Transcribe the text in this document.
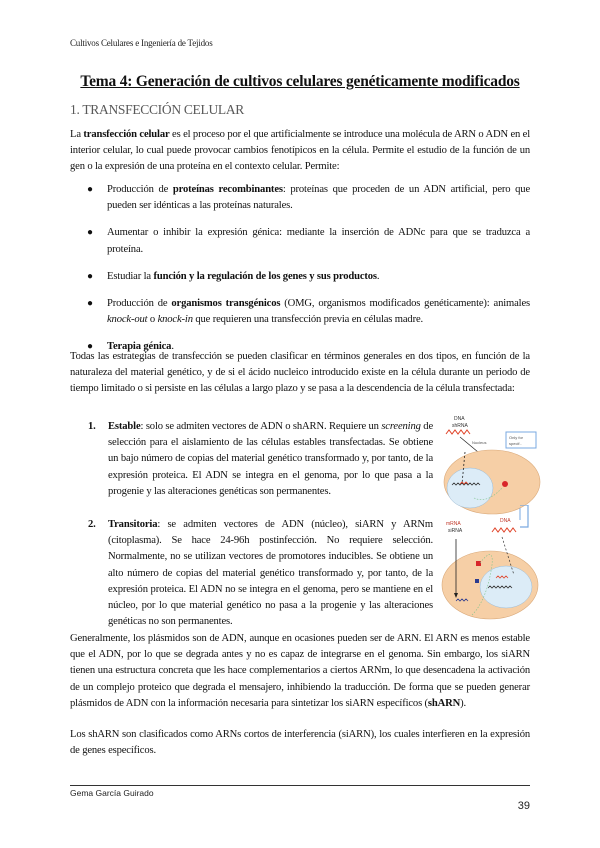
Cultivos Celulares e Ingeniería de Tejidos
Tema 4: Generación de cultivos celulares genéticamente modificados
1. TRANSFECCIÓN CELULAR
La transfección celular es el proceso por el que artificialmente se introduce una molécula de ARN o ADN en el interior celular, lo cual puede provocar cambios fenotípicos en la célula. Permite el estudio de la función de un gen o la expresión de una proteína en el contexto celular. Permite:
● Producción de proteínas recombinantes: proteínas que proceden de un ADN artificial, pero que pueden ser idénticas a las proteínas naturales.
● Aumentar o inhibir la expresión génica: mediante la inserción de ADNc para que se traduzca a proteína.
● Estudiar la función y la regulación de los genes y sus productos.
● Producción de organismos transgénicos (OMG, organismos modificados genéticamente): animales knock-out o knock-in que requieren una transfección previa en células madre.
● Terapia génica.
Todas las estrategias de transfección se pueden clasificar en términos generales en dos tipos, en función de la naturaleza del material genético, y de si el ácido nucleico introducido existe en la célula durante un periodo de tiempo limitado o si persiste en las células a largo plazo y se pasa a la descendencia de la célula transfectada:
1. Estable: solo se admiten vectores de ADN o shARN. Requiere un screening de selección para el aislamiento de las células estables transfectadas. Se obtiene un bajo número de copias del material genético transformado y, por tanto, de la expresión proteica. El ADN se integra en el genoma, por lo que pasa a la progenie y las alteraciones genéticas son permanentes.
2. Transitoria: se admiten vectores de ADN (núcleo), siARN y ARNm (citoplasma). Se hace 24-96h postinfección. No requiere selección. Normalmente, no se utilizan vectores de promotores inducibles. Se obtiene un alto número de copias del material genético transformado y, por tanto, de la expresión proteica. El ADN no se integra en el genoma, pero se mantiene en el núcleo, por lo que material genético no pasa a la progenie y las alteraciones genéticas no son permanentes.
DNA
shRNA
Nucleus
Only for
specif..
mRNA
siRNA
DNA
Generalmente, los plásmidos son de ADN, aunque en ocasiones pueden ser de ARN. El ARN es menos estable que el ADN, por lo que se degrada antes y no es capaz de integrarse en el genoma. Sin embargo, los siARN tienen una estructura concreta que les hace complementarios a ciertos ARNm, lo que desencadena la activación de un complejo proteico que degrada el mensajero, inhibiendo la traducción. De forma que se pueden generar plásmidos de ADN con la información necesaria para sintetizar los siARN específicos (shARN).
Los shARN son clasificados como ARNs cortos de interferencia (siARN), los cuales interfieren en la expresión de genes específicos.
Gema García Guirado
39
